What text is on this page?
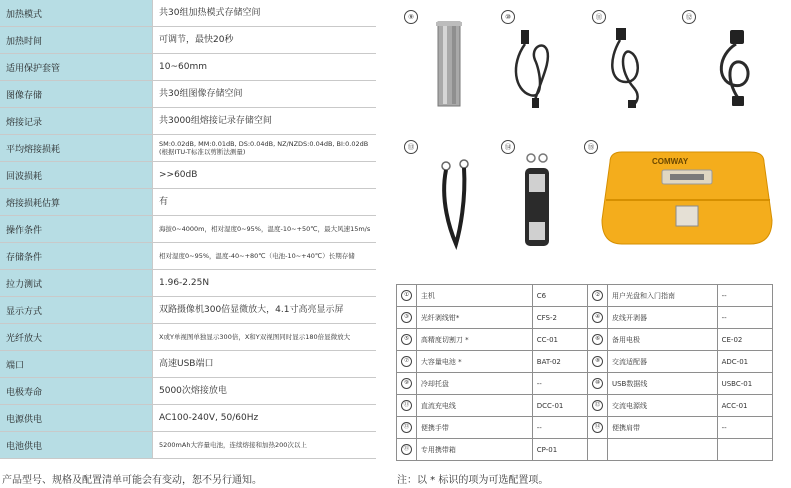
加热模式	共30组加热模式存储空间
加热时间	可调节，最快20秒
适用保护套管	10~60mm
图像存储	共30组图像存储空间
熔接记录	共3000组熔接记录存储空间
平均熔接损耗	SM:0.02dB, MM:0.01dB, DS:0.04dB, NZ/NZDS:0.04dB, BI:0.02dB (根据ITU-T标准以剪断法测量)
回波损耗	>>60dB
熔接损耗估算	有
操作条件	海拔0~4000m，相对湿度0~95%，温度-10~+50℃，最大风速15m/s
存储条件	相对湿度0~95%，温度-40~+80℃（电池-10~+40℃）长期存储
拉力测试	1.96-2.25N
显示方式	双路摄像机300倍显微放大，4.1寸高亮显示屏
光纤放大	X或Y单视图单独显示300倍，X和Y双视图同时显示180倍显微放大
端口	高速USB端口
电极寿命	5000次熔接放电
电源供电	AC100-240V, 50/60Hz
电池供电	5200mAh大容量电池，连续熔接和加热200次以上
产品型号、规格及配置清单可能会有变动，恕不另行通知。
⑨	⑩	⑪	⑫
⑬	⑭	⑮
COMWAY
①	主机	C6	②	用户光盘和入门指南	--
③	光纤剥线钳*	CFS-2	④	皮线开剥器	--
⑤	高精度切割刀 *	CC-01	⑥	备用电极	CE-02
⑦	大容量电池 *	BAT-02	⑧	交流适配器	ADC-01
⑨	冷却托盘	--	⑩	USB数据线	USBC-01
⑪	直流充电线	DCC-01	⑫	交流电源线	ACC-01
⑬	便携手带	--	⑭	便携肩带	--
⑮	专用携带箱	CP-01			
注：以 * 标识的项为可选配置项。
